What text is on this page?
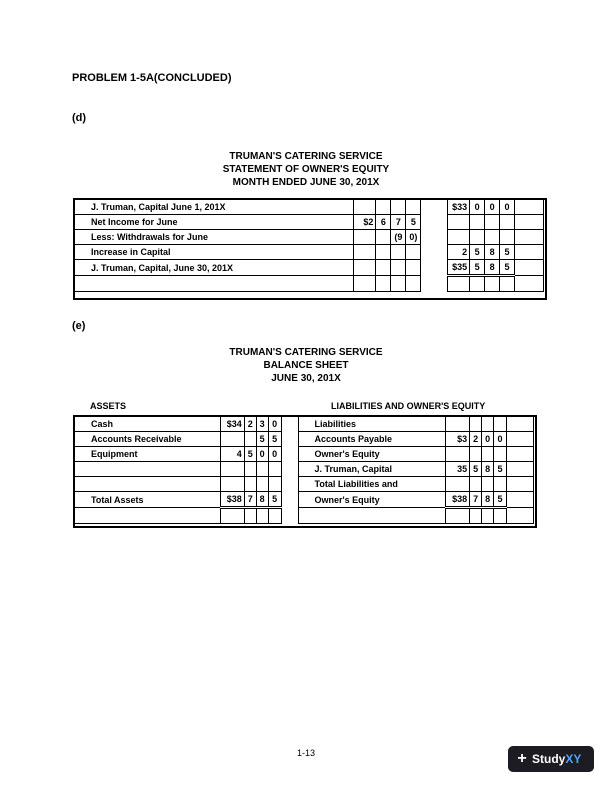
PROBLEM 1-5A(CONCLUDED)
(d)
TRUMAN'S CATERING SERVICE
STATEMENT OF OWNER'S EQUITY
MONTH ENDED JUNE 30, 201X
J. Truman, Capital June 1, 201X						$33	0	0	0	
Net Income for June	$2	6	7	5						
Less: Withdrawals for June			(9	0)						
Increase in Capital						2	5	8	5	
J. Truman, Capital, June 30, 201X						$35	5	8	5	

(e)
TRUMAN'S CATERING SERVICE
BALANCE SHEET
JUNE 30, 201X
ASSETS	LIABILITIES AND OWNER'S EQUITY
Cash	$34	2	3	0		Liabilities					
Accounts Receivable			5	5		Accounts Payable	$3	2	0	0	
Equipment	4	5	0	0		Owner's Equity					
						J. Truman, Capital	35	5	8	5	
						Total Liabilities and					
Total Assets	$38	7	8	5		Owner's Equity	$38	7	8	5	

1-13	+ Study XY
